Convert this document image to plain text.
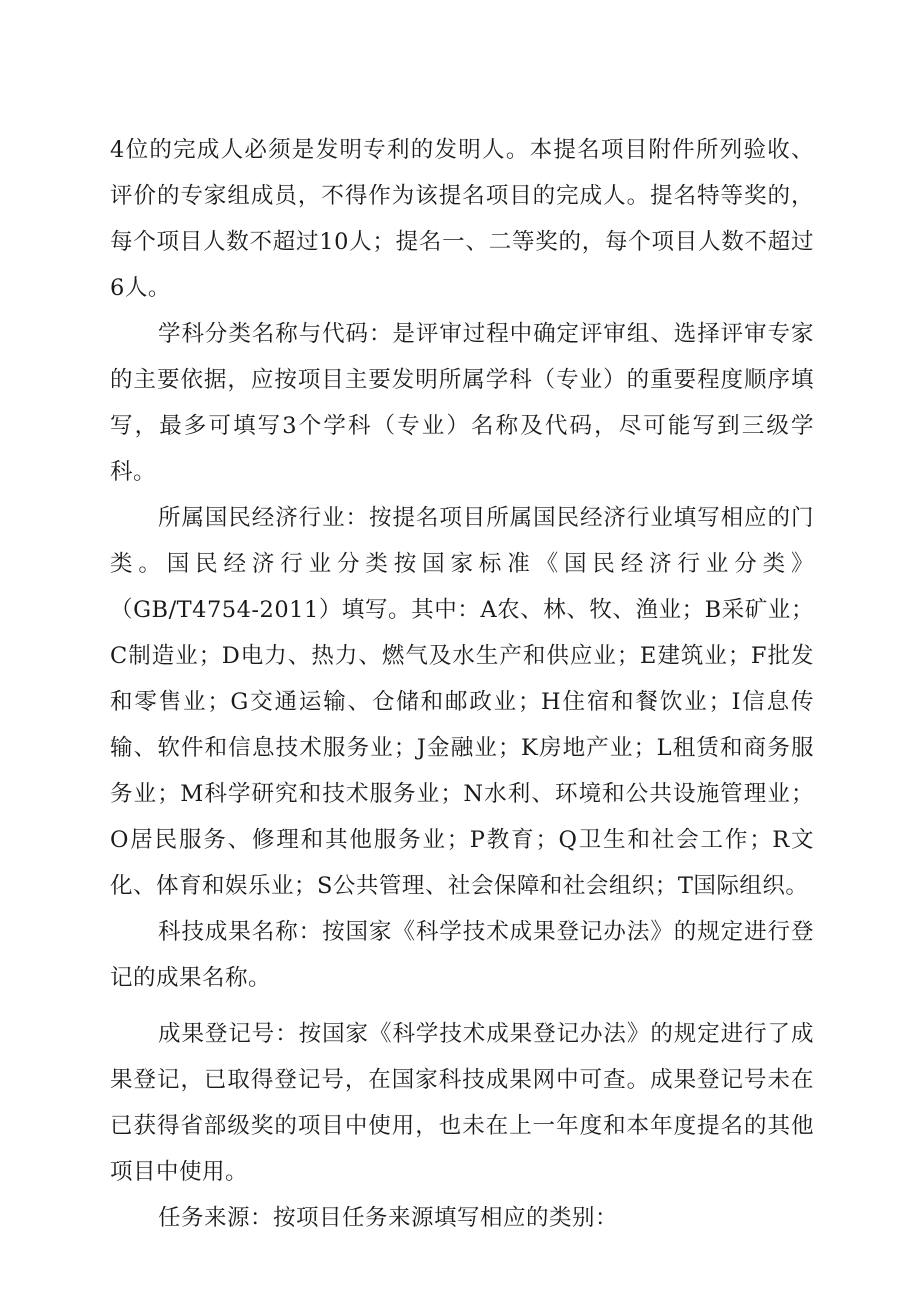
4位的完成人必须是发明专利的发明人。本提名项目附件所列验收、评价的专家组成员，不得作为该提名项目的完成人。提名特等奖的，每个项目人数不超过10人；提名一、二等奖的，每个项目人数不超过6人。

学科分类名称与代码：是评审过程中确定评审组、选择评审专家的主要依据，应按项目主要发明所属学科（专业）的重要程度顺序填写，最多可填写3个学科（专业）名称及代码，尽可能写到三级学科。

所属国民经济行业：按提名项目所属国民经济行业填写相应的门类。国民经济行业分类按国家标准《国民经济行业分类》（GB/T4754-2011）填写。其中：A农、林、牧、渔业；B采矿业；C制造业；D电力、热力、燃气及水生产和供应业；E建筑业；F批发和零售业；G交通运输、仓储和邮政业；H住宿和餐饮业；I信息传输、软件和信息技术服务业；J金融业；K房地产业；L租赁和商务服务业；M科学研究和技术服务业；N水利、环境和公共设施管理业；O居民服务、修理和其他服务业；P教育；Q卫生和社会工作；R文化、体育和娱乐业；S公共管理、社会保障和社会组织；T国际组织。

科技成果名称：按国家《科学技术成果登记办法》的规定进行登记的成果名称。

成果登记号：按国家《科学技术成果登记办法》的规定进行了成果登记，已取得登记号，在国家科技成果网中可查。成果登记号未在已获得省部级奖的项目中使用，也未在上一年度和本年度提名的其他项目中使用。

任务来源：按项目任务来源填写相应的类别：
